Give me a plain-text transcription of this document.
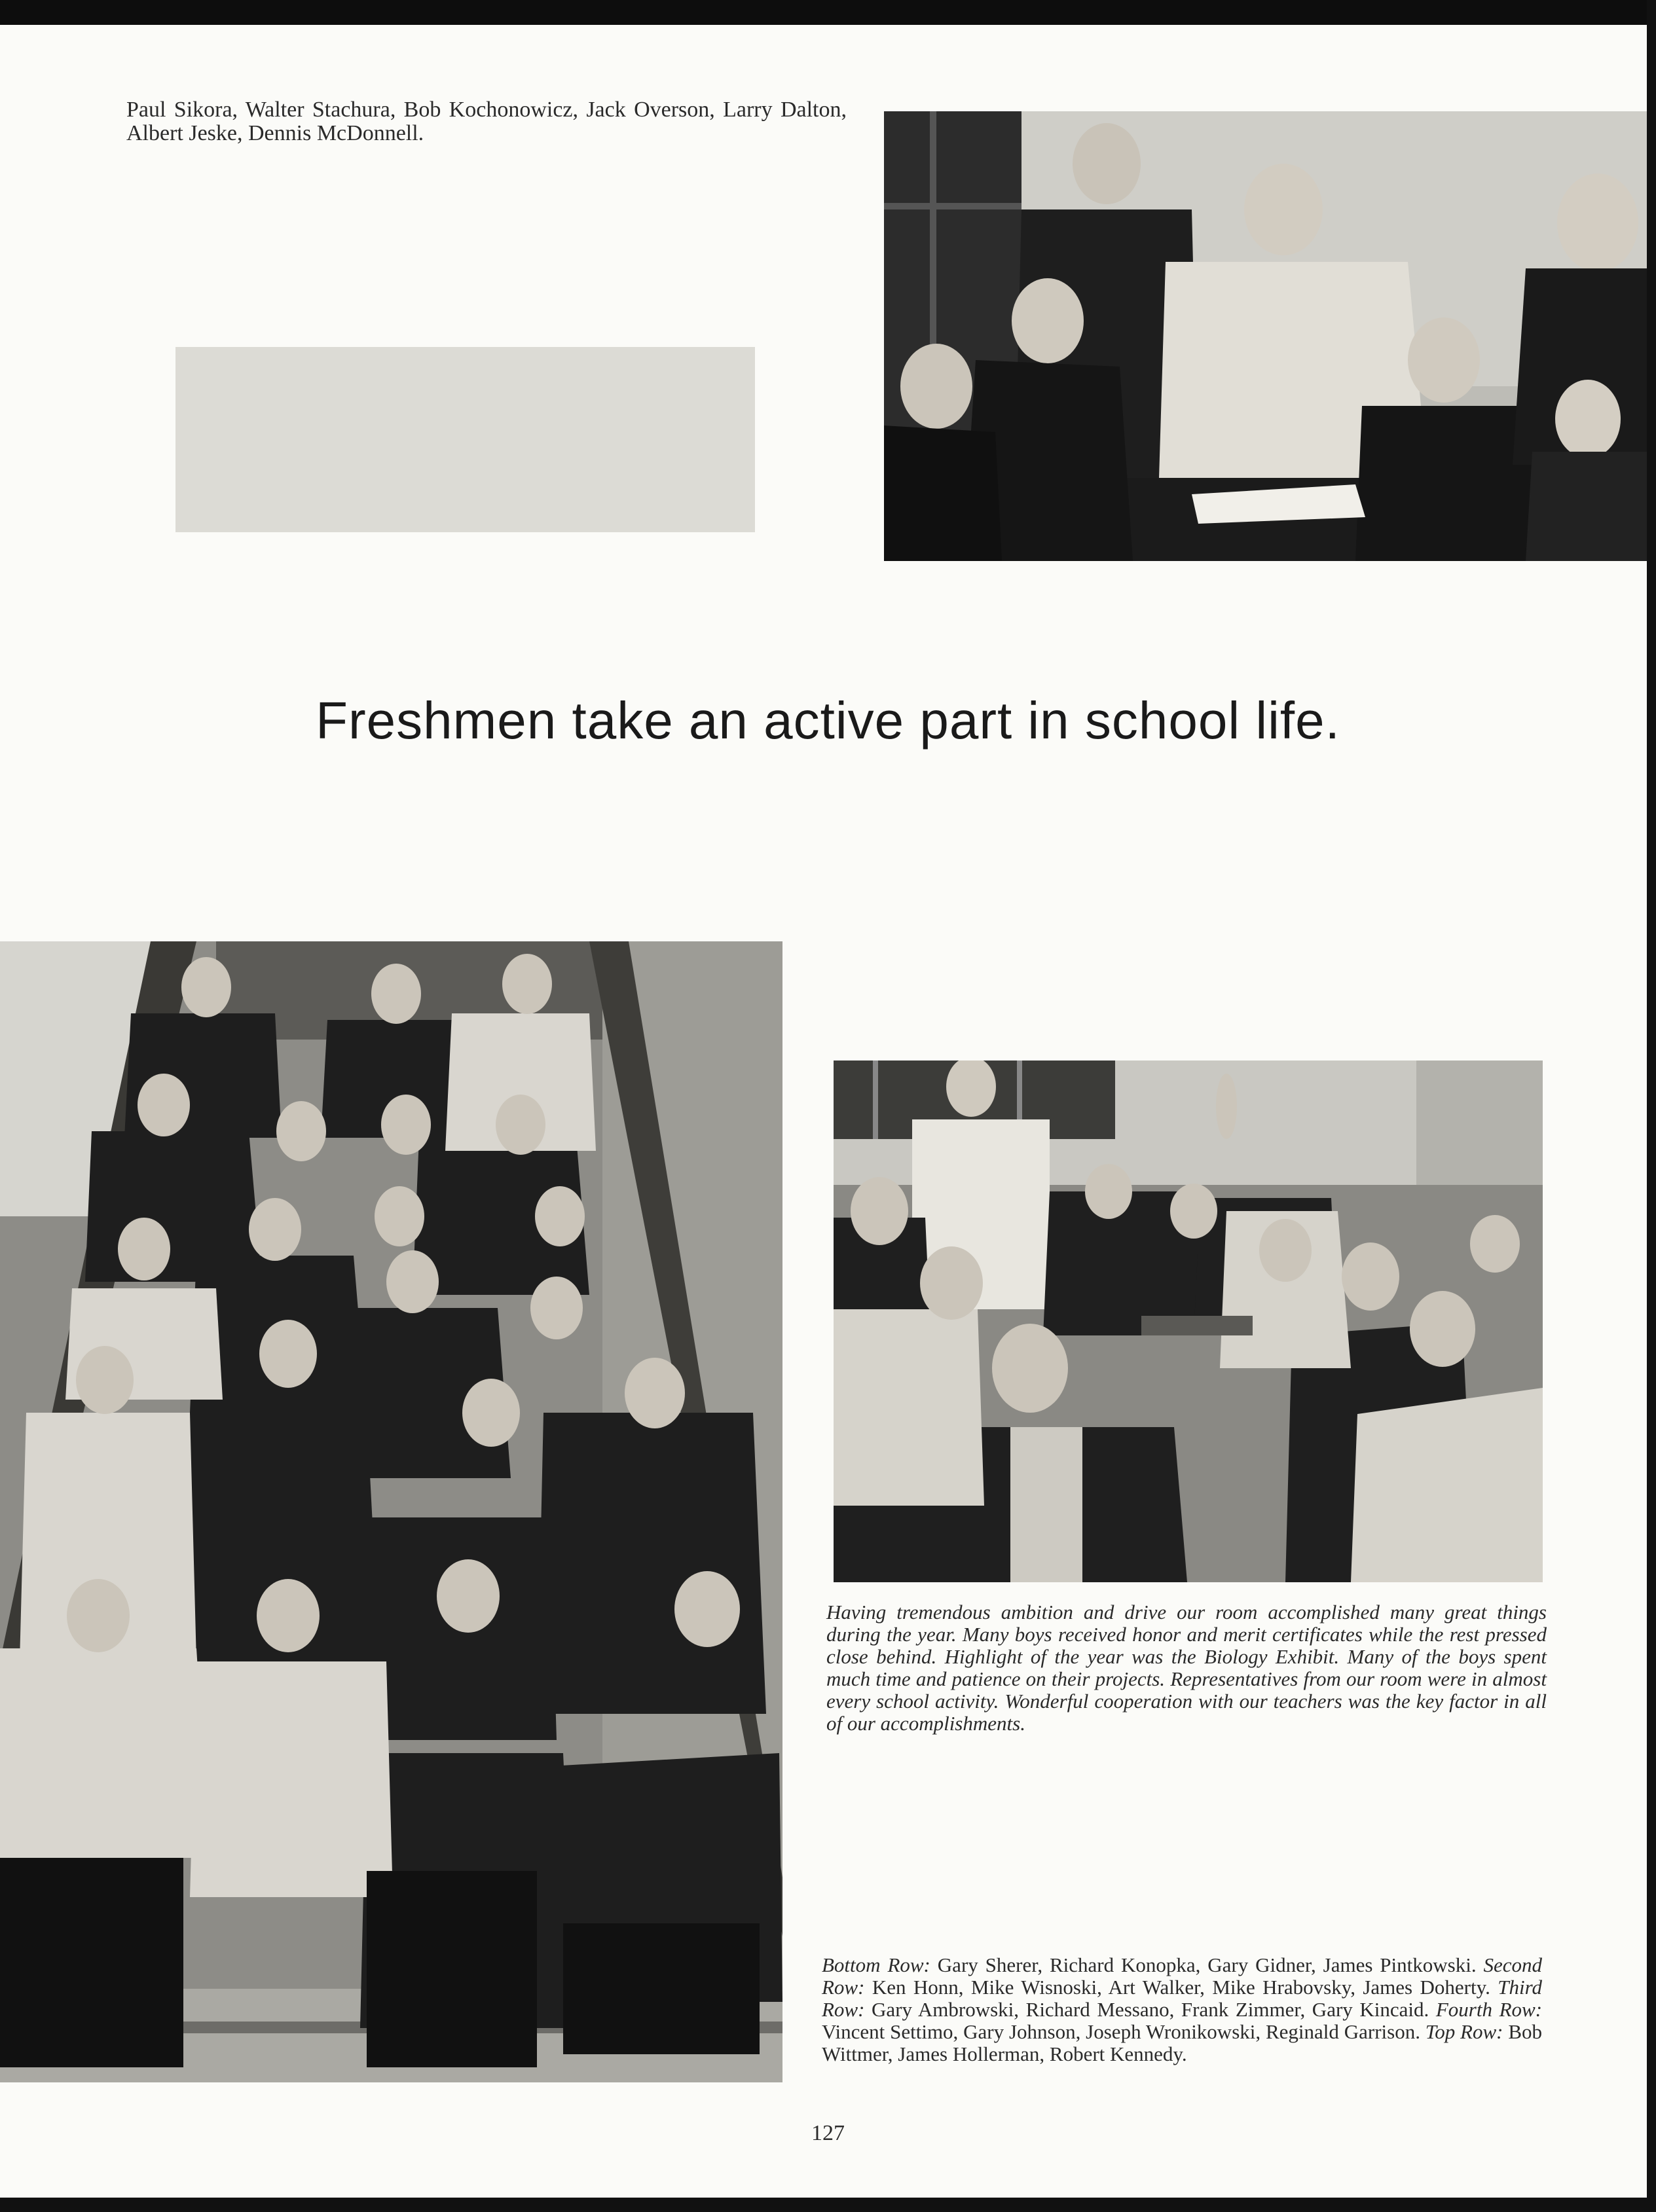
Paul Sikora, Walter Stachura, Bob Kochonowicz, Jack Overson, Larry Dalton, Albert Jeske, Dennis McDonnell.
Freshmen take an active part in school life.
Having tremendous ambition and drive our room accomplished many great things during the year. Many boys received honor and merit certificates while the rest pressed close behind. Highlight of the year was the Biology Exhibit. Many of the boys spent much time and patience on their projects. Representatives from our room were in almost every school activity. Wonderful cooperation with our teachers was the key factor in all of our accomplishments.
Bottom Row: Gary Sherer, Richard Konopka, Gary Gidner, James Pintkowski. Second Row: Ken Honn, Mike Wisnoski, Art Walker, Mike Hrabovsky, James Doherty. Third Row: Gary Ambrowski, Richard Messano, Frank Zimmer, Gary Kincaid. Fourth Row: Vincent Settimo, Gary Johnson, Joseph Wronikowski, Reginald Garrison. Top Row: Bob Wittmer, James Hollerman, Robert Kennedy.
127
